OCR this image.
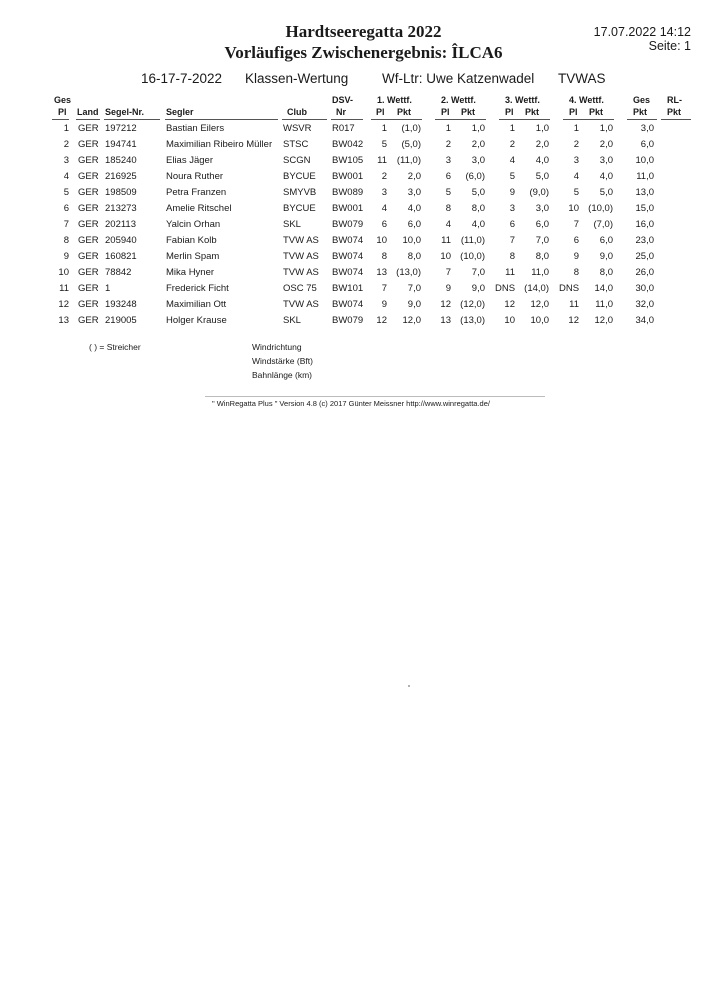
Hardtseeregatta 2022
Vorläufiges Zwischenergebnis: ÎLCA6
17.07.2022 14:12
Seite: 1
16-17-7-2022 Klassen-Wertung Wf-Ltr: Uwe Katzenwadel TVWAS
Ges
Pl Land Segel-Nr. Segler	Club
DSV-
Nr
1. Wettf.	2. Wettf.	3. Wettf.	4. Wettf.
Pl Pkt	Pl Pkt	Pl Pkt	Pl Pkt
Ges
Pkt
RL-
Pkt
1 GER 197212	Bastian Eilers	WSVR R017	1	(1,0)	1	1,0	1	1,0	1	1,0	3,0
2 GER 194741	Maximilian Ribeiro Müller STSC BW042	5	(5,0)	2	2,0	2	2,0	2	2,0	6,0
3 GER 185240	Elias Jäger	SCGN BW105	11	(11,0)	3	3,0	4	4,0	3	3,0	10,0
4 GER 216925	Noura Ruther	BYCUE BW001	2	2,0	6	(6,0)	5	5,0	4	4,0	11,0
5 GER 198509	Petra Franzen	SMYVB BW089	3	3,0	5	5,0	9	(9,0)	5	5,0	13,0
6 GER 213273	Amelie Ritschel	BYCUE BW001	4	4,0	8	8,0	3	3,0	10 (10,0)	15,0
7 GER 202113	Yalcin Orhan	SKL	BW079	6	6,0	4	4,0	6	6,0	7	(7,0)	16,0
8 GER 205940	Fabian Kolb	TVW AS BW074	10	10,0	11	(11,0)	7	7,0	6	6,0	23,0
9 GER 160821	Merlin Spam	TVW AS BW074	8	8,0	10 (10,0)	8	8,0	9	9,0	25,0
10 GER 78842	Mika Hyner	TVW AS BW074	13 (13,0)	7	7,0	11	11,0	8	8,0	26,0
11 GER 1	Frederick Ficht	OSC 75 BW101	7	7,0	9	9,0 DNS (14,0) DNS	14,0	30,0
12 GER 193248	Maximilian Ott	TVW AS BW074	9	9,0	12 (12,0)	12	12,0	11	11,0	32,0
13 GER 219005	Holger Krause	SKL	BW079	12	12,0	13 (13,0)	10	10,0	12	12,0	34,0
( ) = Streicher	Windrichtung
Windstärke (Bft)
Bahnlänge (km)
" WinRegatta Plus " Version 4.8 (c) 2017 Günter Meissner http://www.winregatta.de/
